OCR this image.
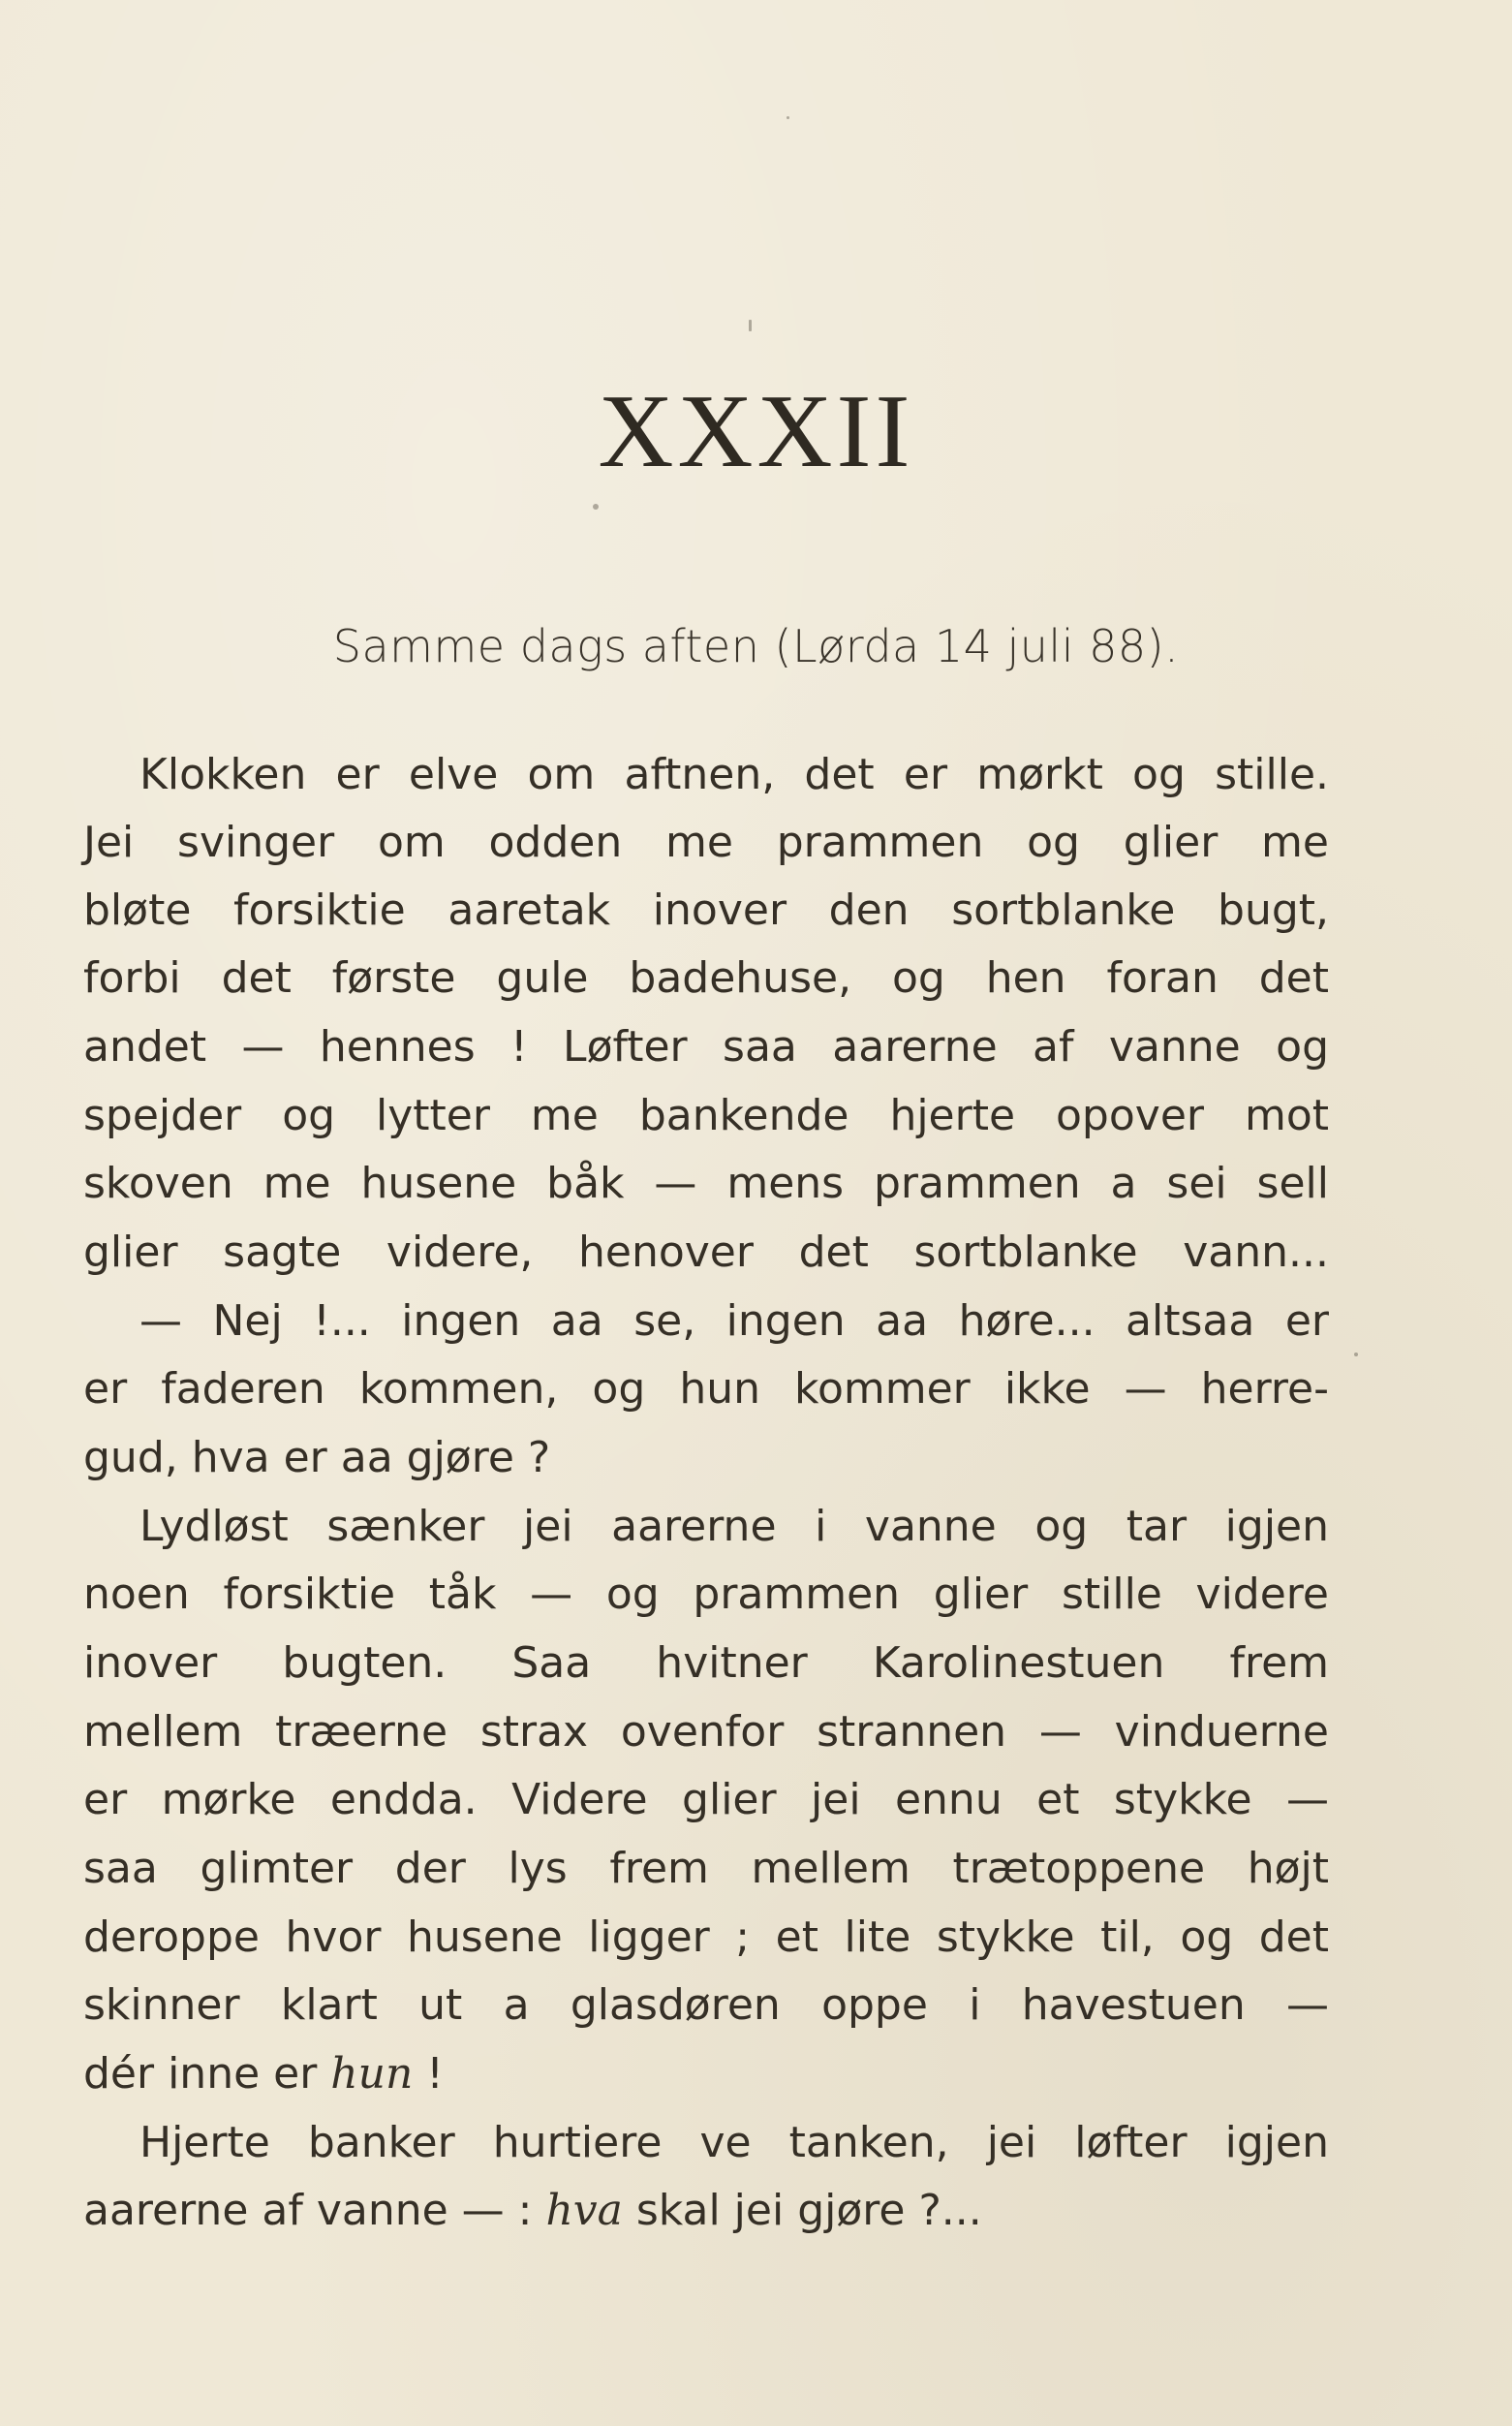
XXXII
Samme dags aften (Lørda 14 juli 88).
Klokken er elve om aftnen, det er mørkt og stille.
Jei svinger om odden me prammen og glier me
bløte forsiktie aaretak inover den sortblanke bugt,
forbi det første gule badehuse, og hen foran det
andet — hennes ! Løfter saa aarerne af vanne og
spejder og lytter me bankende hjerte opover mot
skoven me husene båk — mens prammen a sei sell
glier sagte videre, henover det sortblanke vann...
— Nej !... ingen aa se, ingen aa høre... altsaa er
er faderen kommen, og hun kommer ikke — herre-
gud, hva er aa gjøre ?
Lydløst sænker jei aarerne i vanne og tar igjen
noen forsiktie tåk — og prammen glier stille videre
inover bugten. Saa hvitner Karolinestuen frem
mellem træerne strax ovenfor strannen — vinduerne
er mørke endda. Videre glier jei ennu et stykke —
saa glimter der lys frem mellem trætoppene højt
deroppe hvor husene ligger ; et lite stykke til, og det
skinner klart ut a glasdøren oppe i havestuen —
dér inne er hun !
Hjerte banker hurtiere ve tanken, jei løfter igjen
aarerne af vanne — : hva skal jei gjøre ?...
